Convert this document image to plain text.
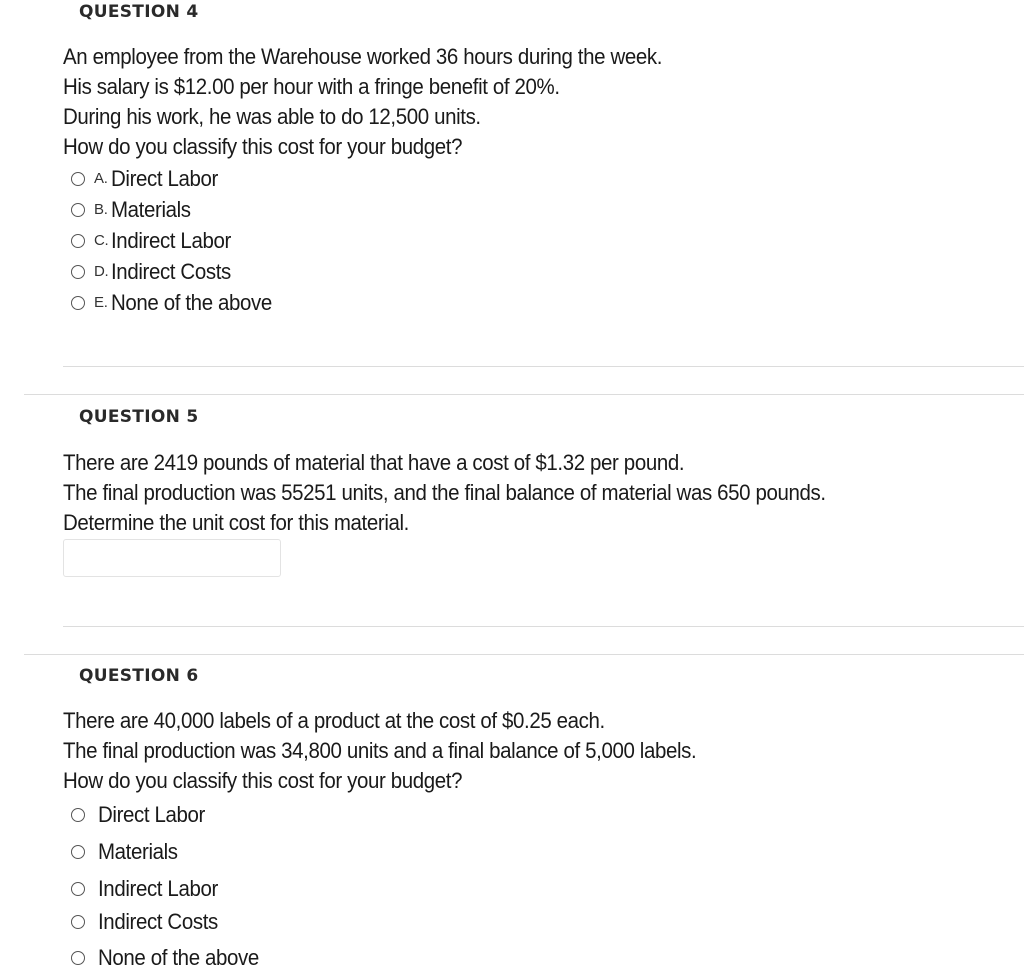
QUESTION 4
An employee from the Warehouse worked 36 hours during the week.
His salary is $12.00 per hour with a fringe benefit of 20%.
During his work, he was able to do 12,500 units.
How do you classify this cost for your budget?
A. Direct Labor
B. Materials
C. Indirect Labor
D. Indirect Costs
E. None of the above
QUESTION 5
There are 2419 pounds of material that have a cost of $1.32 per pound.
The final production was 55251 units, and the final balance of material was 650 pounds.
Determine the unit cost for this material.
QUESTION 6
There are 40,000 labels of a product at the cost of $0.25 each.
The final production was 34,800 units and a final balance of 5,000 labels.
How do you classify this cost for your budget?
Direct Labor
Materials
Indirect Labor
Indirect Costs
None of the above
